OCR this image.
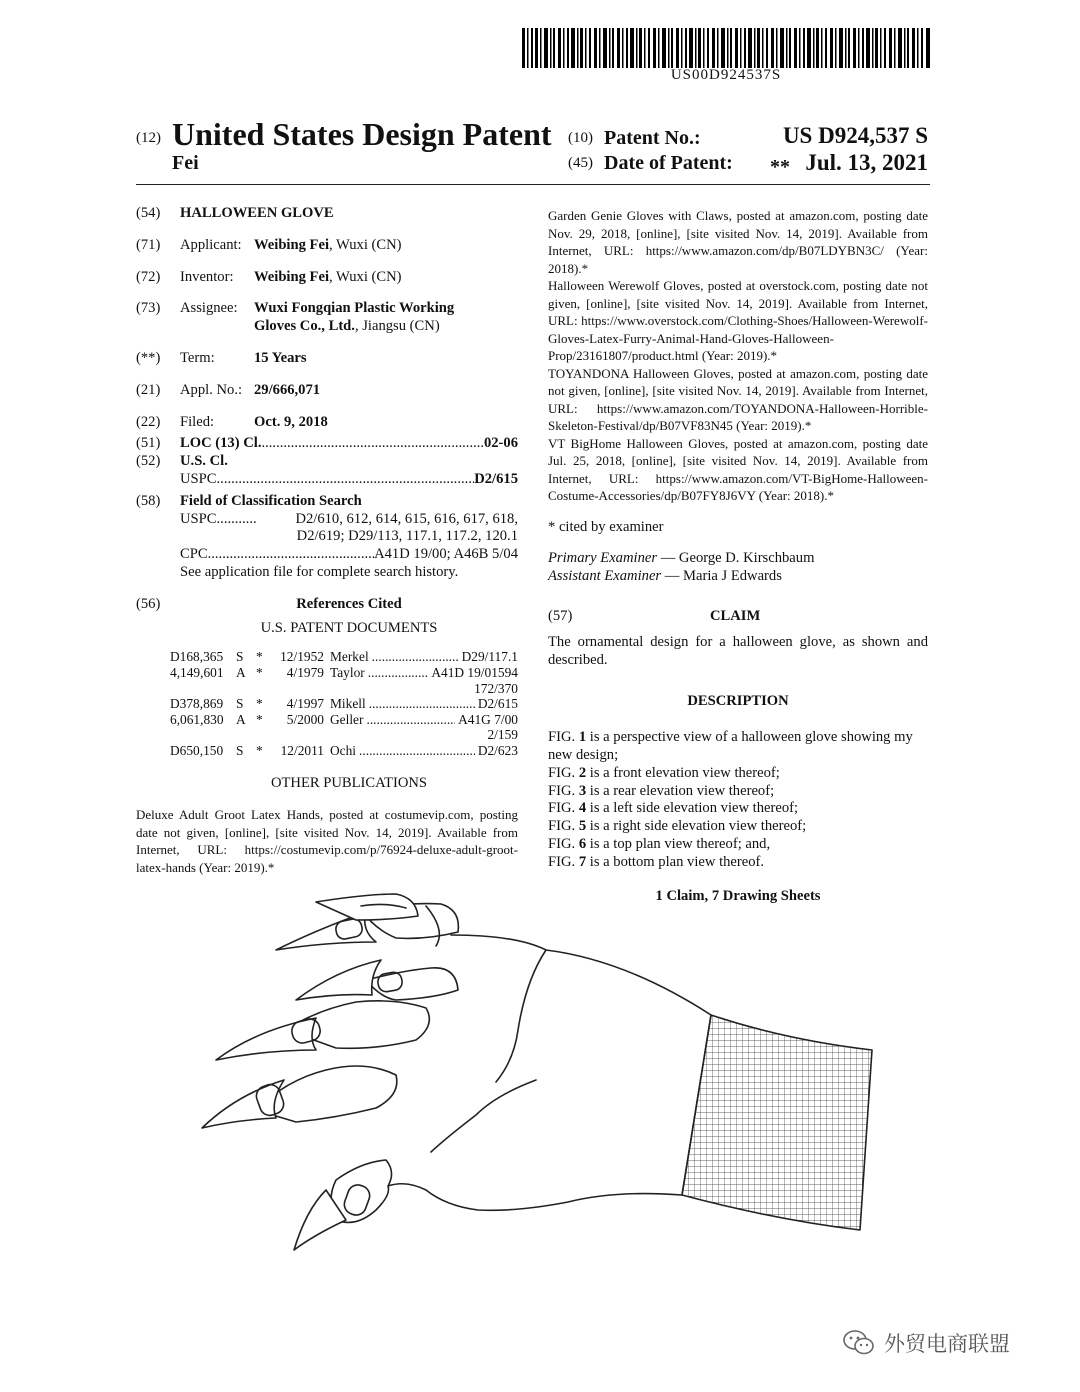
US00D924537S
(12) United States Design Patent
Fei
(10) Patent No.:	US D924,537 S
(45) Date of Patent: ** Jul. 13, 2021
(54)	HALLOWEEN GLOVE
(71)	Applicant: Weibing Fei, Wuxi (CN)
(72)	Inventor: Weibing Fei, Wuxi (CN)
(73)	Assignee: Wuxi Fongqian Plastic Working
Gloves Co., Ltd., Jiangsu (CN)
(**)	Term:	15 Years
(21)	Appl. No.: 29/666,071
(22)	Filed:	Oct. 9, 2018
(51)	LOC (13) Cl. .....	02-06
(52)	U.S. Cl.
USPC .....	D2/615
(58)	Field of Classification Search
USPC .....	D2/610, 612, 614, 615, 616, 617, 618,
D2/619; D29/113, 117.1, 117.2, 120.1
CPC .....	A41D 19/00; A46B 5/04
See application file for complete search history.
(56)	References Cited
U.S. PATENT DOCUMENTS
D168,365 S *	12/1952 Merkel .....	D29/117.1
4,149,601 A *	4/1979 Taylor .....	A41D 19/01594
172/370
D378,869 S *	4/1997 Mikell .....	D2/615
6,061,830 A *	5/2000 Geller .....	A41G 7/00
2/159
D650,150 S *	12/2011 Ochi .....	D2/623
OTHER PUBLICATIONS
Deluxe Adult Groot Latex Hands, posted at costumevip.com, posting date not given, [online], [site visited Nov. 14, 2019]. Available from Internet, URL: https://costumevip.com/p/76924-deluxe-adult-groot-latex-hands (Year: 2019).*
Garden Genie Gloves with Claws, posted at amazon.com, posting date Nov. 29, 2018, [online], [site visited Nov. 14, 2019]. Available from Internet, URL: https://www.amazon.com/dp/B07LDYBN3C/ (Year: 2018).*
Halloween Werewolf Gloves, posted at overstock.com, posting date not given, [online], [site visited Nov. 14, 2019]. Available from Internet, URL: https://www.overstock.com/Clothing-Shoes/Halloween-Werewolf-Gloves-Latex-Furry-Animal-Hand-Gloves-Halloween-Prop/23161807/product.html (Year: 2019).*
TOYANDONA Halloween Gloves, posted at amazon.com, posting date not given, [online], [site visited Nov. 14, 2019]. Available from Internet, URL: https://www.amazon.com/TOYANDONA-Halloween-Horrible-Skeleton-Festival/dp/B07VF83N45 (Year: 2019).*
VT BigHome Halloween Gloves, posted at amazon.com, posting date Jul. 25, 2018, [online], [site visited Nov. 14, 2019]. Available from Internet, URL: https://www.amazon.com/VT-BigHome-Halloween-Costume-Accessories/dp/B07FY8J6VY (Year: 2018).*
* cited by examiner
Primary Examiner — George D. Kirschbaum
Assistant Examiner — Maria J Edwards
(57)	CLAIM
The ornamental design for a halloween glove, as shown and described.
DESCRIPTION
FIG. 1 is a perspective view of a halloween glove showing my new design;
FIG. 2 is a front elevation view thereof;
FIG. 3 is a rear elevation view thereof;
FIG. 4 is a left side elevation view thereof;
FIG. 5 is a right side elevation view thereof;
FIG. 6 is a top plan view thereof; and,
FIG. 7 is a bottom plan view thereof.
1 Claim, 7 Drawing Sheets
外贸电商联盟
